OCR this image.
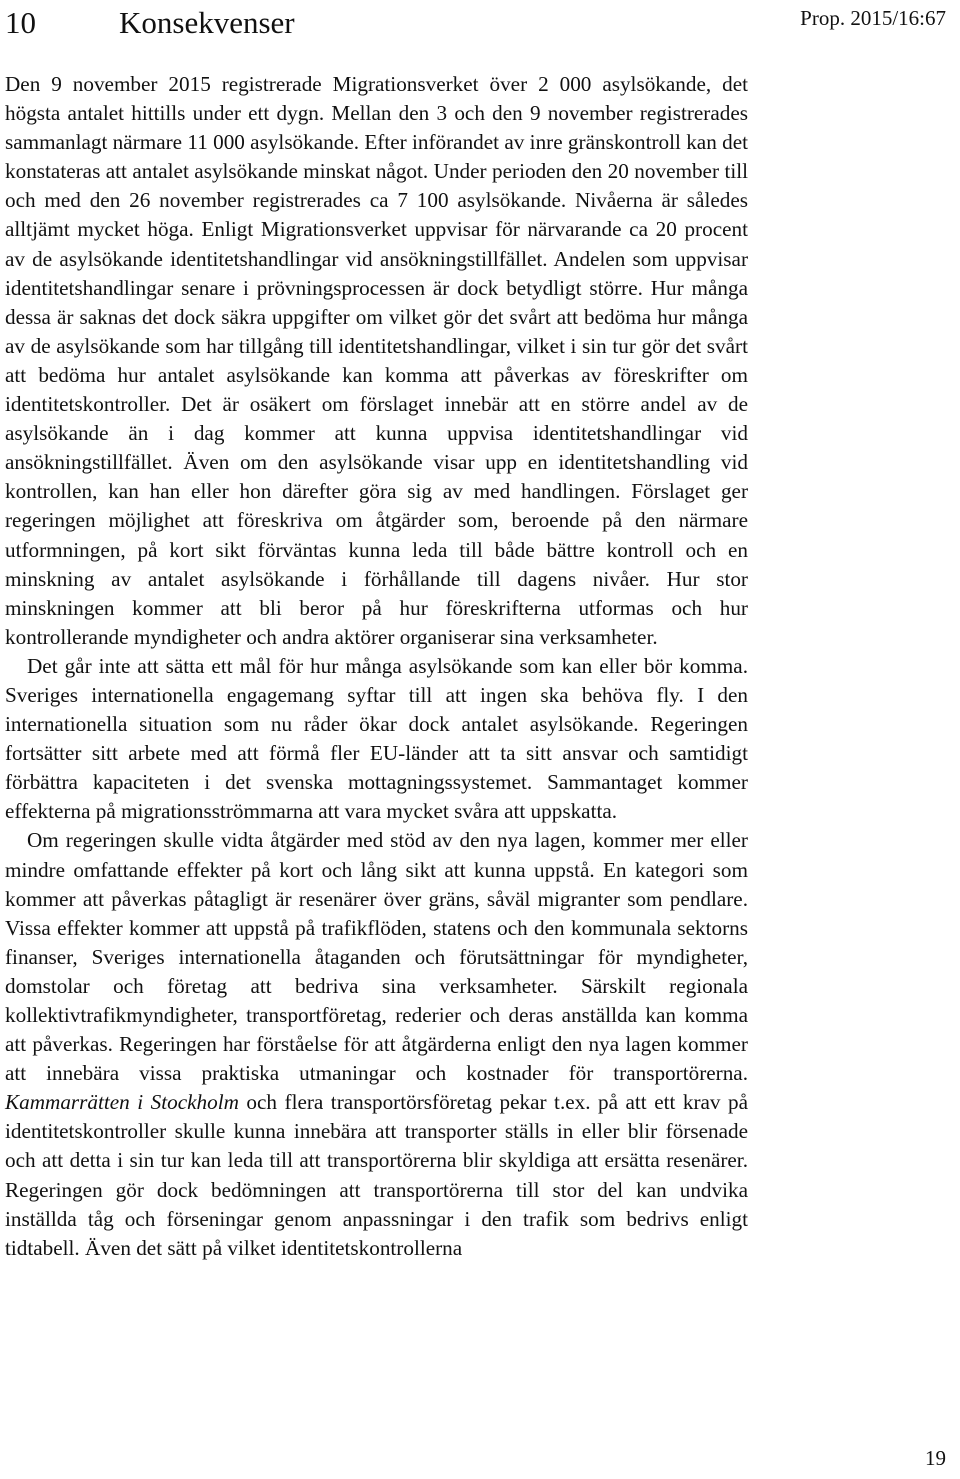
10	Konsekvenser	Prop. 2015/16:67

Den 9 november 2015 registrerade Migrationsverket över 2 000 asylsökande, det högsta antalet hittills under ett dygn. Mellan den 3 och den 9 november registrerades sammanlagt närmare 11 000 asylsökande. Efter införandet av inre gränskontroll kan det konstateras att antalet asylsökande minskat något. Under perioden den 20 november till och med den 26 november registrerades ca 7 100 asylsökande. Nivåerna är således alltjämt mycket höga. Enligt Migrationsverket uppvisar för närvarande ca 20 procent av de asylsökande identitetshandlingar vid ansökningstillfället. Andelen som uppvisar identitetshandlingar senare i prövningsprocessen är dock betydligt större. Hur många dessa är saknas det dock säkra uppgifter om vilket gör det svårt att bedöma hur många av de asylsökande som har tillgång till identitetshandlingar, vilket i sin tur gör det svårt att bedöma hur antalet asylsökande kan komma att påverkas av föreskrifter om identitetskontroller. Det är osäkert om förslaget innebär att en större andel av de asylsökande än i dag kommer att kunna uppvisa identitetshandlingar vid ansökningstillfället. Även om den asylsökande visar upp en identitetshandling vid kontrollen, kan han eller hon därefter göra sig av med handlingen. Förslaget ger regeringen möjlighet att föreskriva om åtgärder som, beroende på den närmare utformningen, på kort sikt förväntas kunna leda till både bättre kontroll och en minskning av antalet asylsökande i förhållande till dagens nivåer. Hur stor minskningen kommer att bli beror på hur föreskrifterna utformas och hur kontrollerande myndigheter och andra aktörer organiserar sina verksamheter.

Det går inte att sätta ett mål för hur många asylsökande som kan eller bör komma. Sveriges internationella engagemang syftar till att ingen ska behöva fly. I den internationella situation som nu råder ökar dock antalet asylsökande. Regeringen fortsätter sitt arbete med att förmå fler EU-länder att ta sitt ansvar och samtidigt förbättra kapaciteten i det svenska mottagningssystemet. Sammantaget kommer effekterna på migrationsströmmarna att vara mycket svåra att uppskatta.

Om regeringen skulle vidta åtgärder med stöd av den nya lagen, kommer mer eller mindre omfattande effekter på kort och lång sikt att kunna uppstå. En kategori som kommer att påverkas påtagligt är resenärer över gräns, såväl migranter som pendlare. Vissa effekter kommer att uppstå på trafikflöden, statens och den kommunala sektorns finanser, Sveriges internationella åtaganden och förutsättningar för myndigheter, domstolar och företag att bedriva sina verksamheter. Särskilt regionala kollektivtrafikmyndigheter, transportföretag, rederier och deras anställda kan komma att påverkas. Regeringen har förståelse för att åtgärderna enligt den nya lagen kommer att innebära vissa praktiska utmaningar och kostnader för transportörerna. Kammarrätten i Stockholm och flera transportörsföretag pekar t.ex. på att ett krav på identitetskontroller skulle kunna innebära att transporter ställs in eller blir försenade och att detta i sin tur kan leda till att transportörerna blir skyldiga att ersätta resenärer. Regeringen gör dock bedömningen att transportörerna till stor del kan undvika inställda tåg och förseningar genom anpassningar i den trafik som bedrivs enligt tidtabell. Även det sätt på vilket identitetskontrollerna

19
